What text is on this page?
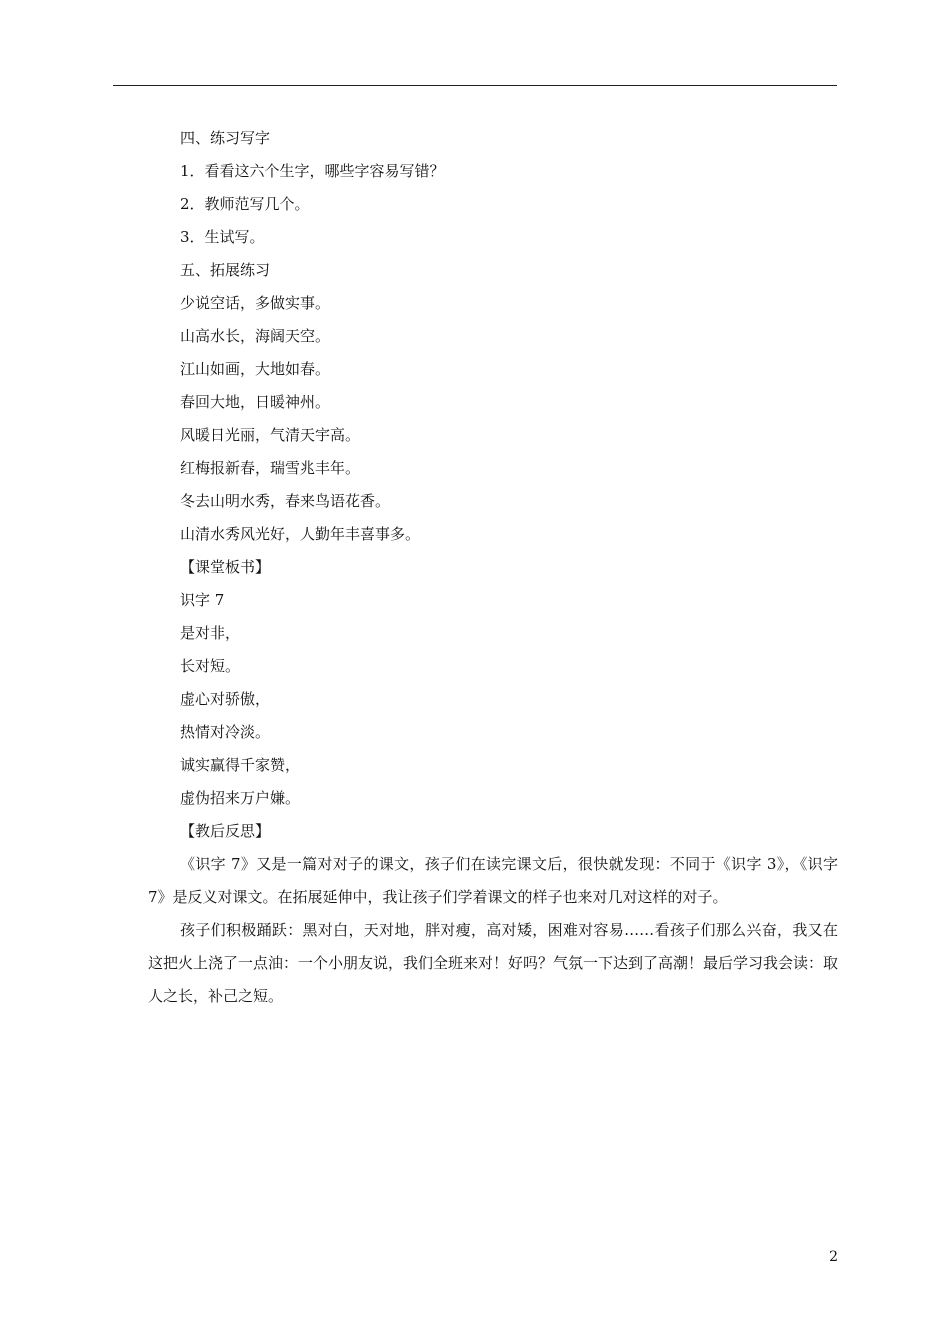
四、练习写字
1．看看这六个生字，哪些字容易写错？
2．教师范写几个。
3．生试写。
五、拓展练习
少说空话，多做实事。
山高水长，海阔天空。
江山如画，大地如春。
春回大地，日暖神州。
风暖日光丽，气清天宇高。
红梅报新春，瑞雪兆丰年。
冬去山明水秀，春来鸟语花香。
山清水秀风光好，人勤年丰喜事多。
【课堂板书】
识字 7
是对非，
长对短。
虚心对骄傲，
热情对冷淡。
诚实赢得千家赞，
虚伪招来万户嫌。
【教后反思】

《识字 7》又是一篇对对子的课文，孩子们在读完课文后，很快就发现：不同于《识字 3》，《识字 7》是反义对课文。在拓展延伸中，我让孩子们学着课文的样子也来对几对这样的对子。

孩子们积极踊跃：黑对白，天对地，胖对瘦，高对矮，困难对容易……看孩子们那么兴奋，我又在这把火上浇了一点油：一个小朋友说，我们全班来对！好吗？气氛一下达到了高潮！最后学习我会读：取人之长，补己之短。

2
